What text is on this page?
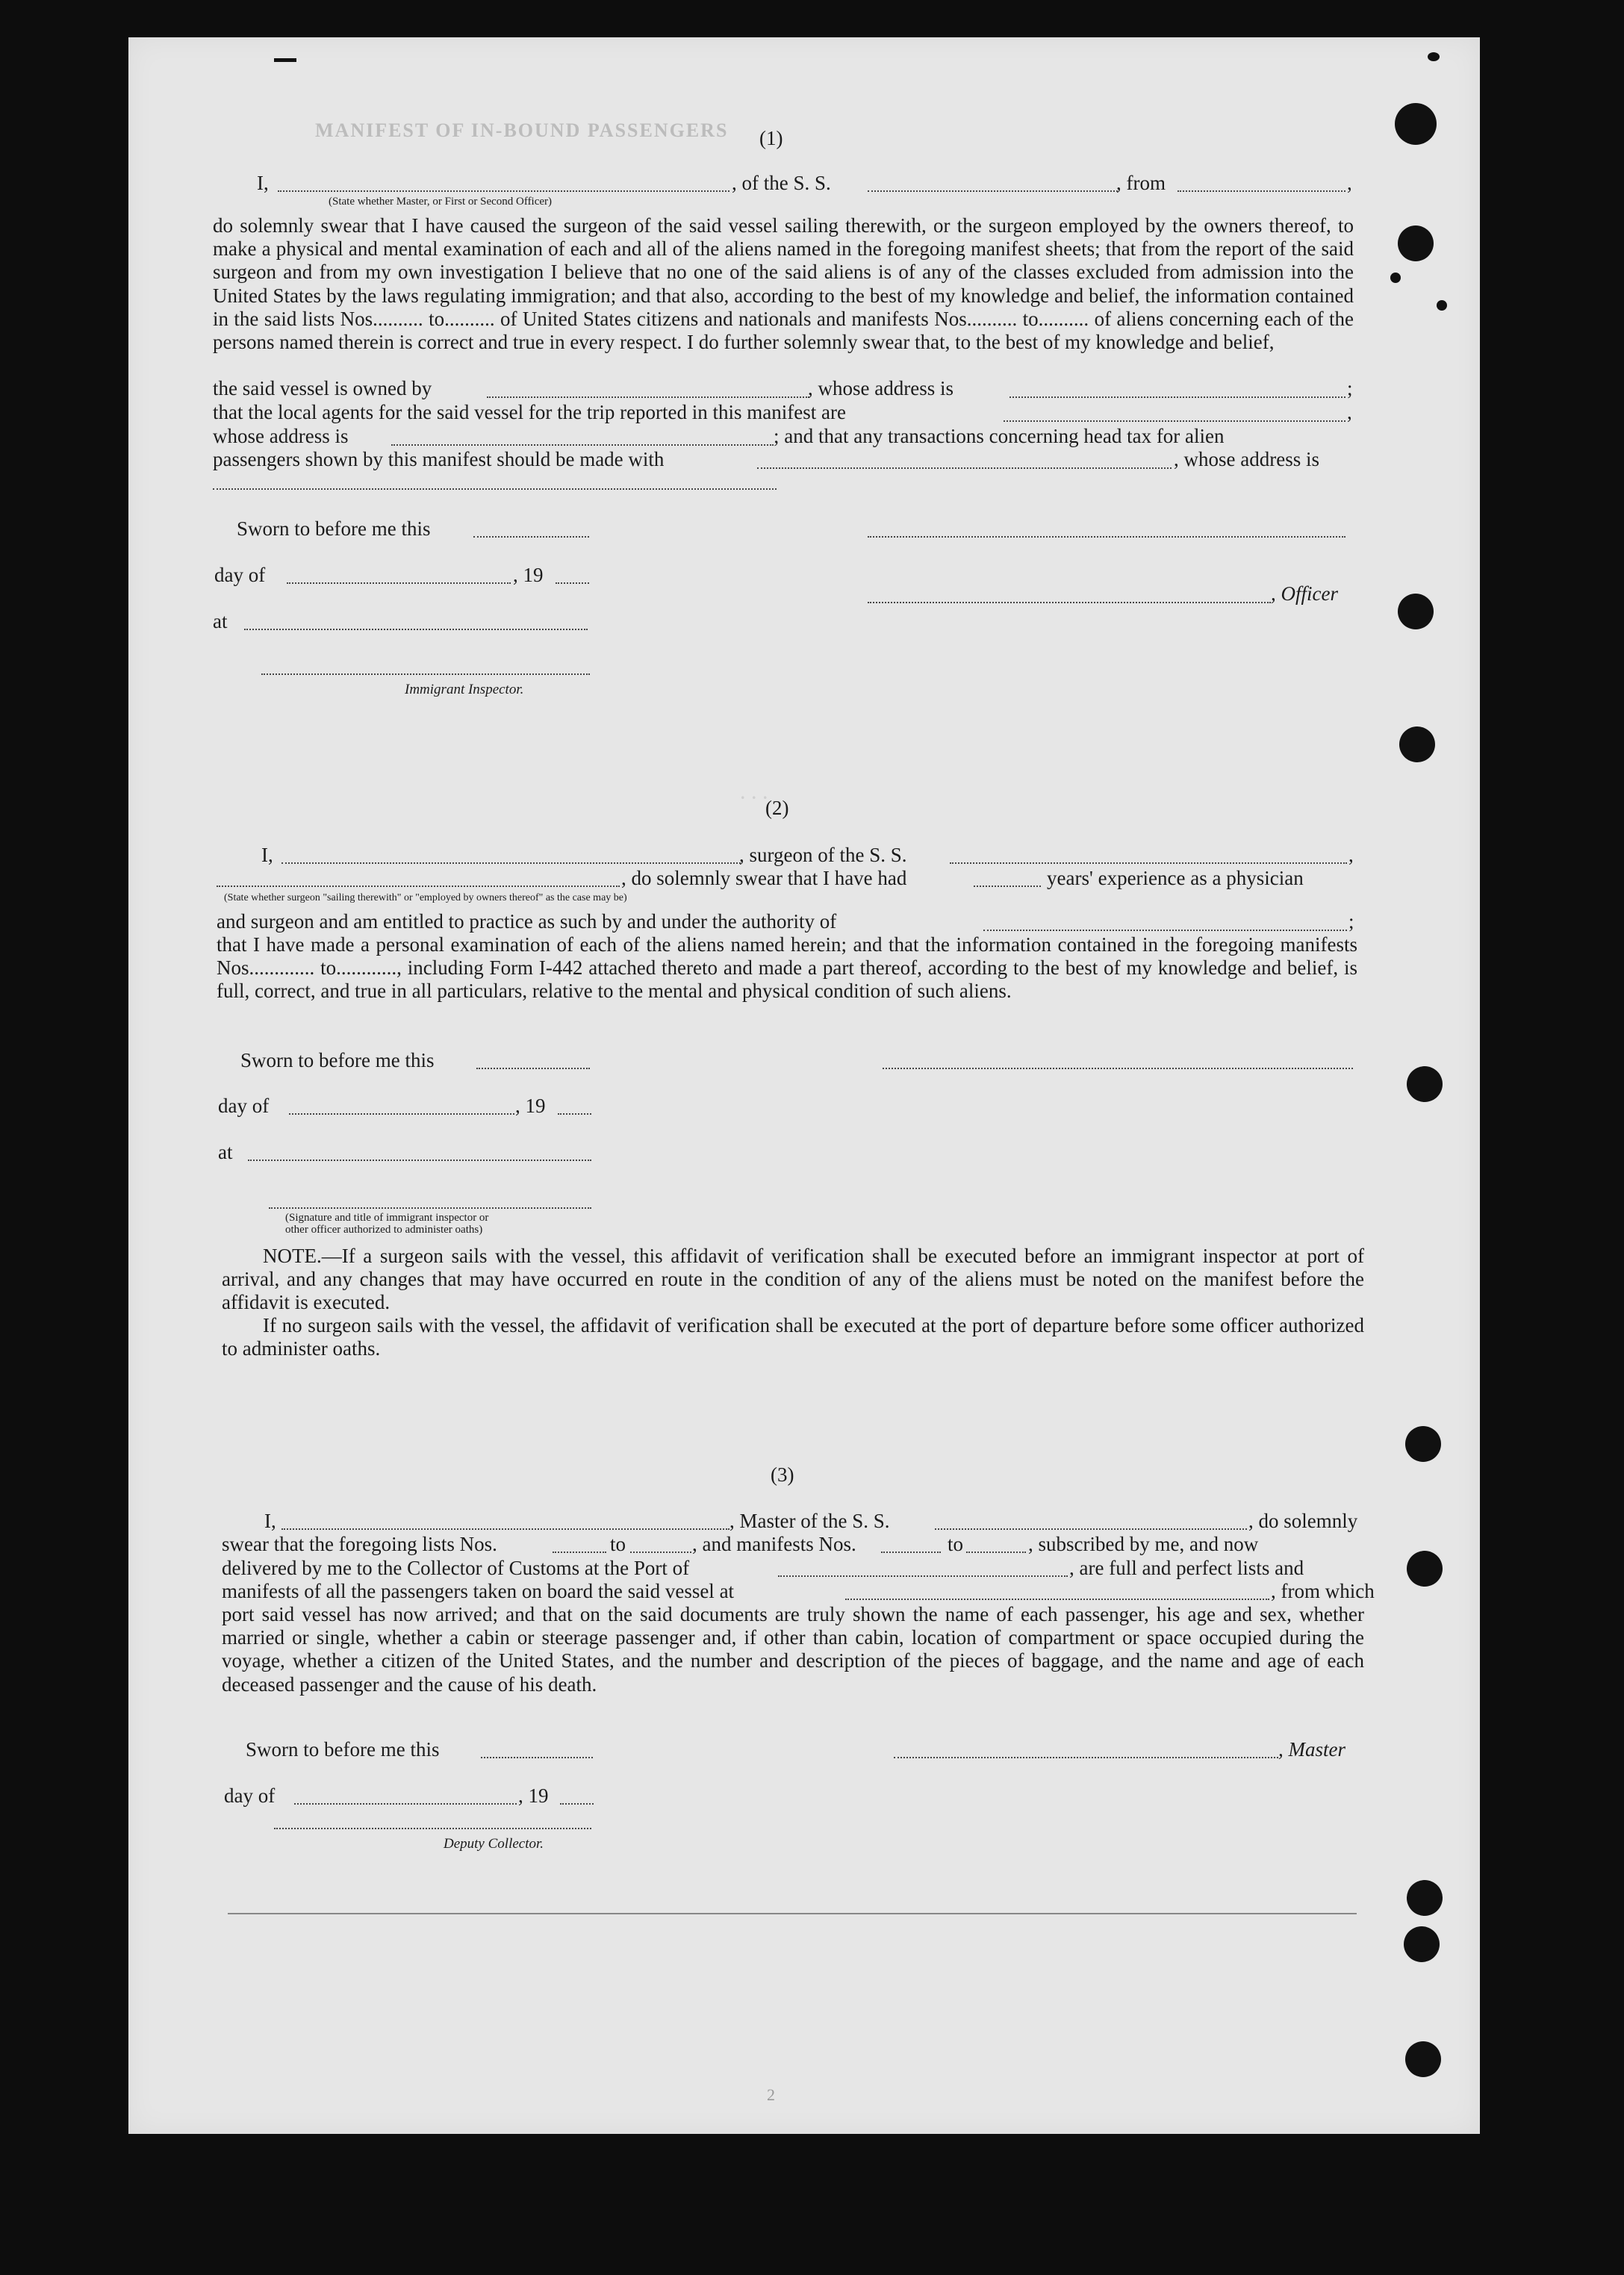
MANIFEST OF IN-BOUND PASSENGERS
. . .
(1)
I,	, of the S. S.	, from	,
(State whether Master, or First or Second Officer)
do solemnly swear that I have caused the surgeon of the said vessel sailing therewith, or the surgeon employed by the owners thereof, to make a physical and mental examination of each and all of the aliens named in the foregoing manifest sheets; that from the report of the said surgeon and from my own investigation I believe that no one of the said aliens is of any of the classes excluded from admission into the United States by the laws regulating immigration; and that also, according to the best of my knowledge and belief, the information contained in the said lists Nos.......... to.......... of United States citizens and nationals and manifests Nos.......... to.......... of aliens concerning each of the persons named therein is correct and true in every respect. I do further solemnly swear that, to the best of my knowledge and belief,
the said vessel is owned by	, whose address is	;
that the local agents for the said vessel for the trip reported in this manifest are	,
whose address is	; and that any transactions concerning head tax for alien
passengers shown by this manifest should be made with	, whose address is
Sworn to before me this
day of	, 19
, Officer
at
Immigrant Inspector.
(2)
I,	, surgeon of the S. S.	,
, do solemnly swear that I have had	years' experience as a physician
(State whether surgeon "sailing therewith" or "employed by owners thereof" as the case may be)
and surgeon and am entitled to practice as such by and under the authority of	;
that I have made a personal examination of each of the aliens named herein; and that the information contained in the foregoing manifests Nos............. to............, including Form I-442 attached thereto and made a part thereof, according to the best of my knowledge and belief, is full, correct, and true in all particulars, relative to the mental and physical condition of such aliens.
Sworn to before me this
day of	, 19
at
(Signature and title of immigrant inspector or
other officer authorized to administer oaths)
NOTE.—If a surgeon sails with the vessel, this affidavit of verification shall be executed before an immigrant inspector at port of arrival, and any changes that may have occurred en route in the condition of any of the aliens must be noted on the manifest before the affidavit is executed.
If no surgeon sails with the vessel, the affidavit of verification shall be executed at the port of departure before some officer authorized to administer oaths.
(3)
I,	, Master of the S. S.	, do solemnly
swear that the foregoing lists Nos.	to	, and manifests Nos.	to	, subscribed by me, and now
delivered by me to the Collector of Customs at the Port of	, are full and perfect lists and
manifests of all the passengers taken on board the said vessel at	, from which
port said vessel has now arrived; and that on the said documents are truly shown the name of each passenger, his age and sex, whether married or single, whether a cabin or steerage passenger and, if other than cabin, location of compartment or space occupied during the voyage, whether a citizen of the United States, and the number and description of the pieces of baggage, and the name and age of each deceased passenger and the cause of his death.
Sworn to before me this	, Master
day of	, 19
Deputy Collector.
2
